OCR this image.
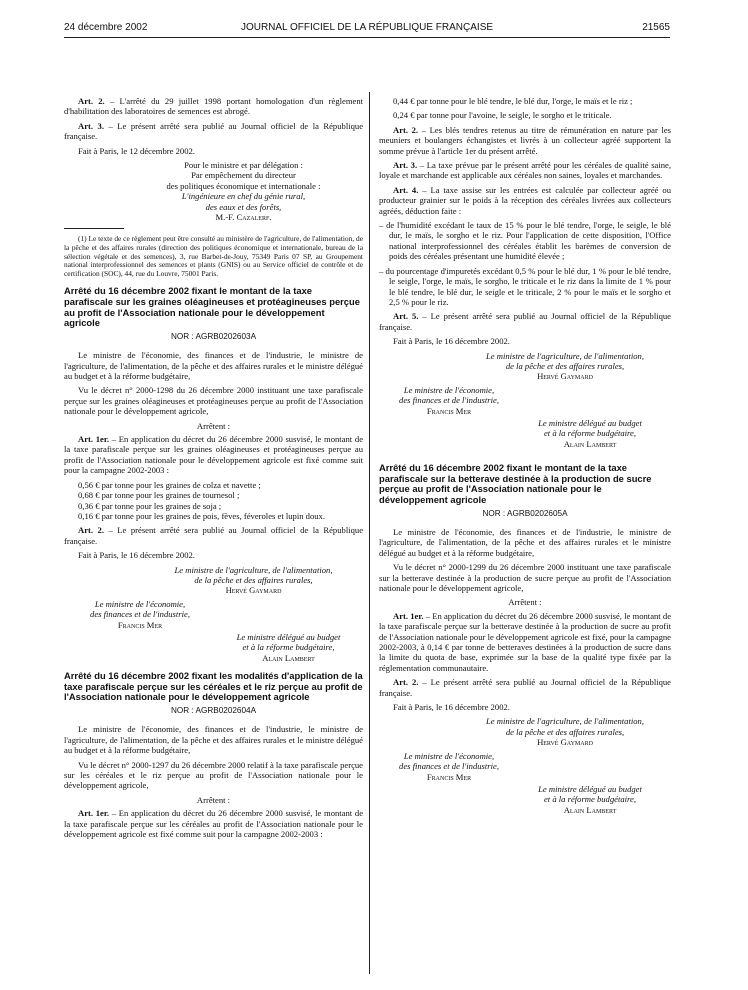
24 décembre 2002	JOURNAL OFFICIEL DE LA RÉPUBLIQUE FRANÇAISE	21565

Art. 2. – L'arrêté du 29 juillet 1998 portant homologation d'un règlement d'habilitation des laboratoires de semences est abrogé.

Art. 3. – Le présent arrêté sera publié au Journal officiel de la République française.

Fait à Paris, le 12 décembre 2002.

Pour le ministre et par délégation :
Par empêchement du directeur
des politiques économique et internationale :
L'ingénieure en chef du génie rural,
des eaux et des forêts,
M.-F. Cazalerf.

(1) Le texte de ce règlement peut être consulté au ministère de l'agriculture, de l'alimentation, de la pêche et des affaires rurales (direction des politiques économique et internationale, bureau de la sélection végétale et des semences), 3, rue Barbet-de-Jouy, 75349 Paris 07 SP, au Groupement national interprofessionnel des semences et plants (GNIS) ou au Service officiel de contrôle et de certification (SOC), 44, rue du Louvre, 75001 Paris.

Arrêté du 16 décembre 2002 fixant le montant de la taxe parafiscale sur les graines oléagineuses et protéagineuses perçue au profit de l'Association nationale pour le développement agricole

NOR : AGRB0202603A

Le ministre de l'économie, des finances et de l'industrie, le ministre de l'agriculture, de l'alimentation, de la pêche et des affaires rurales et le ministre délégué au budget et à la réforme budgétaire,

Vu le décret n° 2000-1298 du 26 décembre 2000 instituant une taxe parafiscale perçue sur les graines oléagineuses et protéagineuses perçue au profit de l'Association nationale pour le développement agricole,

Arrêtent :

Art. 1er. – En application du décret du 26 décembre 2000 susvisé, le montant de la taxe parafiscale perçue sur les graines oléagineuses et protéagineuses perçue au profit de l'Association nationale pour le développement agricole est fixé comme suit pour la campagne 2002-2003 :

0,56 € par tonne pour les graines de colza et navette ;

0,68 € par tonne pour les graines de tournesol ;

0,36 € par tonne pour les graines de soja ;

0,16 € par tonne pour les graines de pois, fèves, féveroles et lupin doux.

Art. 2. – Le présent arrêté sera publié au Journal officiel de la République française.

Fait à Paris, le 16 décembre 2002.

Le ministre de l'agriculture, de l'alimentation,
de la pêche et des affaires rurales,
Hervé Gaymard
Le ministre de l'économie,
des finances et de l'industrie,
Francis Mer
Le ministre délégué au budget
et à la réforme budgétaire,
Alain Lambert

Arrêté du 16 décembre 2002 fixant les modalités d'application de la taxe parafiscale perçue sur les céréales et le riz perçue au profit de l'Association nationale pour le développement agricole

NOR : AGRB0202604A

Le ministre de l'économie, des finances et de l'industrie, le ministre de l'agriculture, de l'alimentation, de la pêche et des affaires rurales et le ministre délégué au budget et à la réforme budgétaire,

Vu le décret n° 2000-1297 du 26 décembre 2000 relatif à la taxe parafiscale perçue sur les céréales et le riz perçue au profit de l'Association nationale pour le développement agricole,

Arrêtent :

Art. 1er. – En application du décret du 26 décembre 2000 susvisé, le montant de la taxe parafiscale perçue sur les céréales au profit de l'Association nationale pour le développement agricole est fixé comme suit pour la campagne 2002-2003 :

0,44 € par tonne pour le blé tendre, le blé dur, l'orge, le maïs et le riz ;

0,24 € par tonne pour l'avoine, le seigle, le sorgho et le triticale.

Art. 2. – Les blés tendres retenus au titre de rémunération en nature par les meuniers et boulangers échangistes et livrés à un collecteur agréé supportent la somme prévue à l'article 1er du présent arrêté.

Art. 3. – La taxe prévue par le présent arrêté pour les céréales de qualité saine, loyale et marchande est applicable aux céréales non saines, loyales et marchandes.

Art. 4. – La taxe assise sur les entrées est calculée par collecteur agréé ou producteur grainier sur le poids à la réception des céréales livrées aux collecteurs agréés, déduction faite :

– de l'humidité excédant le taux de 15 % pour le blé tendre, l'orge, le seigle, le blé dur, le maïs, le sorgho et le riz. Pour l'application de cette disposition, l'Office national interprofessionnel des céréales établit les barèmes de conversion de poids des céréales présentant une humidité élevée ;

– du pourcentage d'impuretés excédant 0,5 % pour le blé dur, 1 % pour le blé tendre, le seigle, l'orge, le maïs, le sorgho, le triticale et le riz dans la limite de 1 % pour le blé tendre, le blé dur, le seigle et le triticale, 2 % pour le maïs et le sorgho et 2,5 % pour le riz.

Art. 5. – Le présent arrêté sera publié au Journal officiel de la République française.

Fait à Paris, le 16 décembre 2002.

Le ministre de l'agriculture, de l'alimentation,
de la pêche et des affaires rurales,
Hervé Gaymard
Le ministre de l'économie,
des finances et de l'industrie,
Francis Mer
Le ministre délégué au budget
et à la réforme budgétaire,
Alain Lambert

Arrêté du 16 décembre 2002 fixant le montant de la taxe parafiscale sur la betterave destinée à la production de sucre perçue au profit de l'Association nationale pour le développement agricole

NOR : AGRB0202605A

Le ministre de l'économie, des finances et de l'industrie, le ministre de l'agriculture, de l'alimentation, de la pêche et des affaires rurales et le ministre délégué au budget et à la réforme budgétaire,

Vu le décret n° 2000-1299 du 26 décembre 2000 instituant une taxe parafiscale sur la betterave destinée à la production de sucre perçue au profit de l'Association nationale pour le développement agricole,

Arrêtent :

Art. 1er. – En application du décret du 26 décembre 2000 susvisé, le montant de la taxe parafiscale perçue sur la betterave destinée à la production de sucre au profit de l'Association nationale pour le développement agricole est fixé, pour la campagne 2002-2003, à 0,14 € par tonne de betteraves destinées à la production de sucre dans la limite du quota de base, exprimée sur la base de la qualité type fixée par la réglementation communautaire.

Art. 2. – Le présent arrêté sera publié au Journal officiel de la République française.

Fait à Paris, le 16 décembre 2002.

Le ministre de l'agriculture, de l'alimentation,
de la pêche et des affaires rurales,
Hervé Gaymard
Le ministre de l'économie,
des finances et de l'industrie,
Francis Mer
Le ministre délégué au budget
et à la réforme budgétaire,
Alain Lambert
